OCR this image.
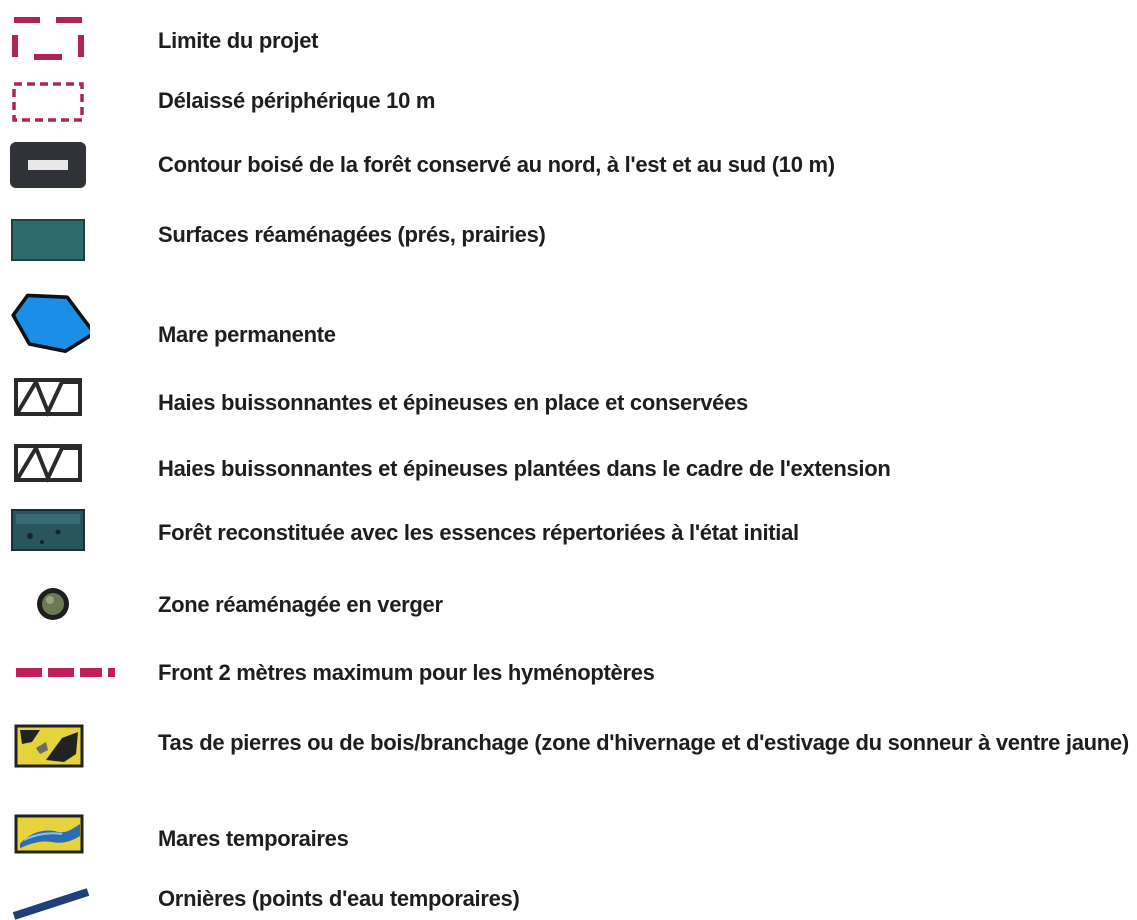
Limite du projet
Délaissé périphérique 10 m
Contour boisé de la forêt conservé au nord, à l'est et au sud (10 m)
Surfaces réaménagées (prés, prairies)
Mare permanente
Haies buissonnantes et épineuses en place et conservées
Haies buissonnantes et épineuses plantées dans le cadre de l'extension
Forêt reconstituée avec les essences répertoriées à l'état initial
Zone réaménagée en verger
Front 2 mètres maximum pour les hyménoptères
Tas de pierres ou de bois/branchage (zone d'hivernage et d'estivage du sonneur à ventre jaune)
Mares temporaires
Ornières (points d'eau temporaires)
